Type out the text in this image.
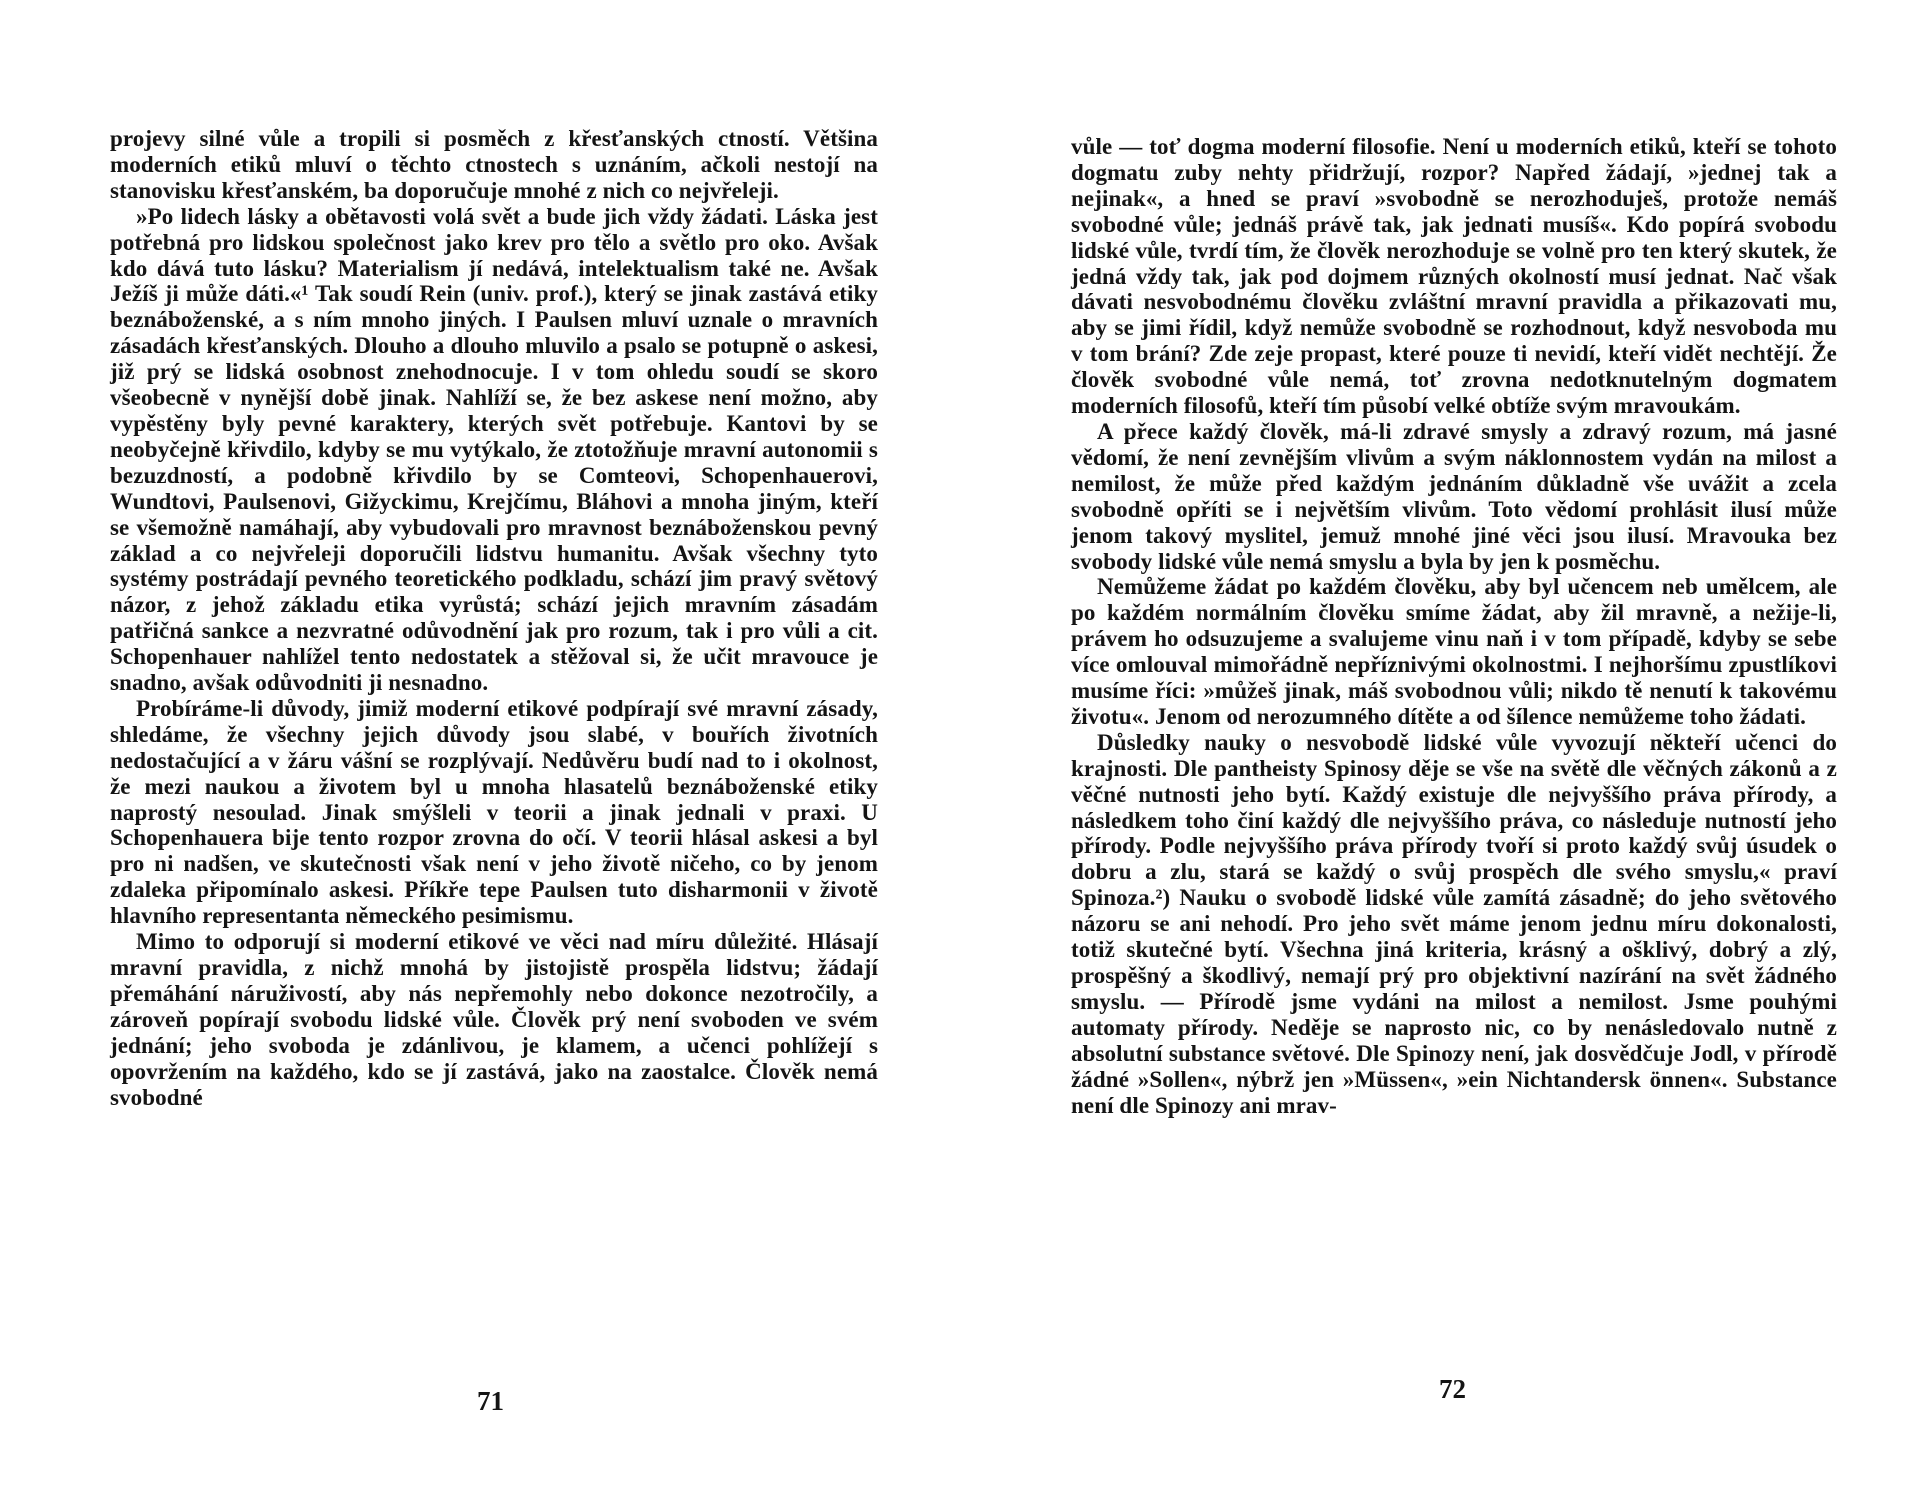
projevy silné vůle a tropili si posměch z křesťanských ctností. Většina moderních etiků mluví o těchto ctnostech s uznáním, ačkoli nestojí na stanovisku křesťanském, ba doporučuje mnohé z nich co nejvřeleji.

»Po lidech lásky a obětavosti volá svět a bude jich vždy žádati. Láska jest potřebná pro lidskou společnost jako krev pro tělo a světlo pro oko. Avšak kdo dává tuto lásku? Materialism jí nedává, intelektualism také ne. Avšak Ježíš ji může dáti.«¹ Tak soudí Rein (univ. prof.), který se jinak zastává etiky beznáboženské, a s ním mnoho jiných. I Paulsen mluví uznale o mravních zásadách křesťanských. Dlouho a dlouho mluvilo a psalo se potupně o askesi, již prý se lidská osobnost znehodnocuje. I v tom ohledu soudí se skoro všeobecně v nynější době jinak. Nahlíží se, že bez askese není možno, aby vypěstěny byly pevné karaktery, kterých svět potřebuje. Kantovi by se neobyčejně křivdilo, kdyby se mu vytýkalo, že ztotožňuje mravní autonomii s bezuzdností, a podobně křivdilo by se Comteovi, Schopenhauerovi, Wundtovi, Paulsenovi, Gižyckimu, Krejčímu, Bláhovi a mnoha jiným, kteří se všemožně namáhají, aby vybudovali pro mravnost beznáboženskou pevný základ a co nejvřeleji doporučili lidstvu humanitu. Avšak všechny tyto systémy postrádají pevného teoretického podkladu, schází jim pravý světový názor, z jehož základu etika vyrůstá; schází jejich mravním zásadám patřičná sankce a nezvratné odůvodnění jak pro rozum, tak i pro vůli a cit. Schopenhauer nahlížel tento nedostatek a stěžoval si, že učit mravouce je snadno, avšak odůvodniti ji nesnadno.

Probíráme-li důvody, jimiž moderní etikové podpírají své mravní zásady, shledáme, že všechny jejich důvody jsou slabé, v bouřích životních nedostačující a v žáru vášní se rozplývají. Nedůvěru budí nad to i okolnost, že mezi naukou a životem byl u mnoha hlasatelů beznáboženské etiky naprostý nesoulad. Jinak smýšleli v teorii a jinak jednali v praxi. U Schopenhauera bije tento rozpor zrovna do očí. V teorii hlásal askesi a byl pro ni nadšen, ve skutečnosti však není v jeho životě ničeho, co by jenom zdaleka připomínalo askesi. Příkře tepe Paulsen tuto disharmonii v životě hlavního representanta německého pesimismu.

Mimo to odporují si moderní etikové ve věci nad míru důležité. Hlásají mravní pravidla, z nichž mnohá by jistojistě prospěla lidstvu; žádají přemáhání náruživostí, aby nás nepřemohly nebo dokonce nezotročily, a zároveň popírají svobodu lidské vůle. Člověk prý není svoboden ve svém jednání; jeho svoboda je zdánlivou, je klamem, a učenci pohlížejí s opovržením na každého, kdo se jí zastává, jako na zaostalce. Člověk nemá svobodné

71

vůle — toť dogma moderní filosofie. Není u moderních etiků, kteří se tohoto dogmatu zuby nehty přidržují, rozpor? Napřed žádají, »jednej tak a nejinak«, a hned se praví »svobodně se nerozhoduješ, protože nemáš svobodné vůle; jednáš právě tak, jak jednati musíš«. Kdo popírá svobodu lidské vůle, tvrdí tím, že člověk nerozhoduje se volně pro ten který skutek, že jedná vždy tak, jak pod dojmem různých okolností musí jednat. Nač však dávati nesvobodnému člověku zvláštní mravní pravidla a přikazovati mu, aby se jimi řídil, když nemůže svobodně se rozhodnout, když nesvoboda mu v tom brání? Zde zeje propast, které pouze ti nevidí, kteří vidět nechtějí. Že člověk svobodné vůle nemá, toť zrovna nedotknutelným dogmatem moderních filosofů, kteří tím působí velké obtíže svým mravoukám.

A přece každý člověk, má-li zdravé smysly a zdravý rozum, má jasné vědomí, že není zevnějším vlivům a svým náklonnostem vydán na milost a nemilost, že může před každým jednáním důkladně vše uvážit a zcela svobodně opříti se i největším vlivům. Toto vědomí prohlásit ilusí může jenom takový myslitel, jemuž mnohé jiné věci jsou ilusí. Mravouka bez svobody lidské vůle nemá smyslu a byla by jen k posměchu.

Nemůžeme žádat po každém člověku, aby byl učencem neb umělcem, ale po každém normálním člověku smíme žádat, aby žil mravně, a nežije-li, právem ho odsuzujeme a svalujeme vinu naň i v tom případě, kdyby se sebe více omlouval mimořádně nepříznivými okolnostmi. I nejhoršímu zpustlíkovi musíme říci: »můžeš jinak, máš svobodnou vůli; nikdo tě nenutí k takovému životu«. Jenom od nerozumného dítěte a od šílence nemůžeme toho žádati.

Důsledky nauky o nesvobodě lidské vůle vyvozují někteří učenci do krajnosti. Dle pantheisty Spinosy děje se vše na světě dle věčných zákonů a z věčné nutnosti jeho bytí. Každý existuje dle nejvyššího práva přírody, a následkem toho činí každý dle nejvyššího práva, co následuje nutností jeho přírody. Podle nejvyššího práva přírody tvoří si proto každý svůj úsudek o dobru a zlu, stará se každý o svůj prospěch dle svého smyslu,« praví Spinoza.²) Nauku o svobodě lidské vůle zamítá zásadně; do jeho světového názoru se ani nehodí. Pro jeho svět máme jenom jednu míru dokonalosti, totiž skutečné bytí. Všechna jiná kriteria, krásný a ošklivý, dobrý a zlý, prospěšný a škodlivý, nemají prý pro objektivní nazírání na svět žádného smyslu. — Přírodě jsme vydáni na milost a nemilost. Jsme pouhými automaty přírody. Neděje se naprosto nic, co by nenásledovalo nutně z absolutní substance světové. Dle Spinozy není, jak dosvědčuje Jodl, v přírodě žádné »Sollen«, nýbrž jen »Müssen«, »ein Nichtandersk önnen«. Substance není dle Spinozy ani mrav-

72
